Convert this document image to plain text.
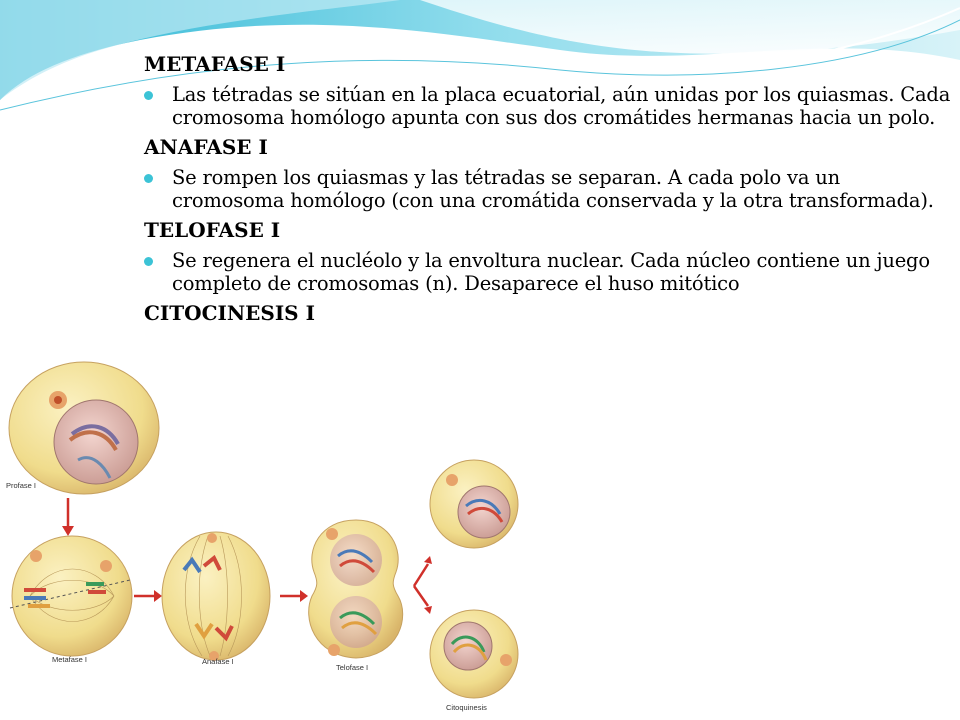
METAFASE I
Las tétradas se sitúan en la placa ecuatorial, aún unidas por los quiasmas. Cada cromosoma homólogo apunta con sus dos cromátides hermanas hacia un polo.
ANAFASE I
Se rompen los quiasmas y las tétradas se separan. A cada polo va un cromosoma homólogo (con una cromátida conservada y la otra transformada).
TELOFASE I
Se regenera el nucléolo y la envoltura nuclear. Cada núcleo contiene un juego completo de cromosomas (n). Desaparece el huso mitótico
CITOCINESIS I
Profase I
Metafase I	Anafase I
Telofase I
Citoquinesis
